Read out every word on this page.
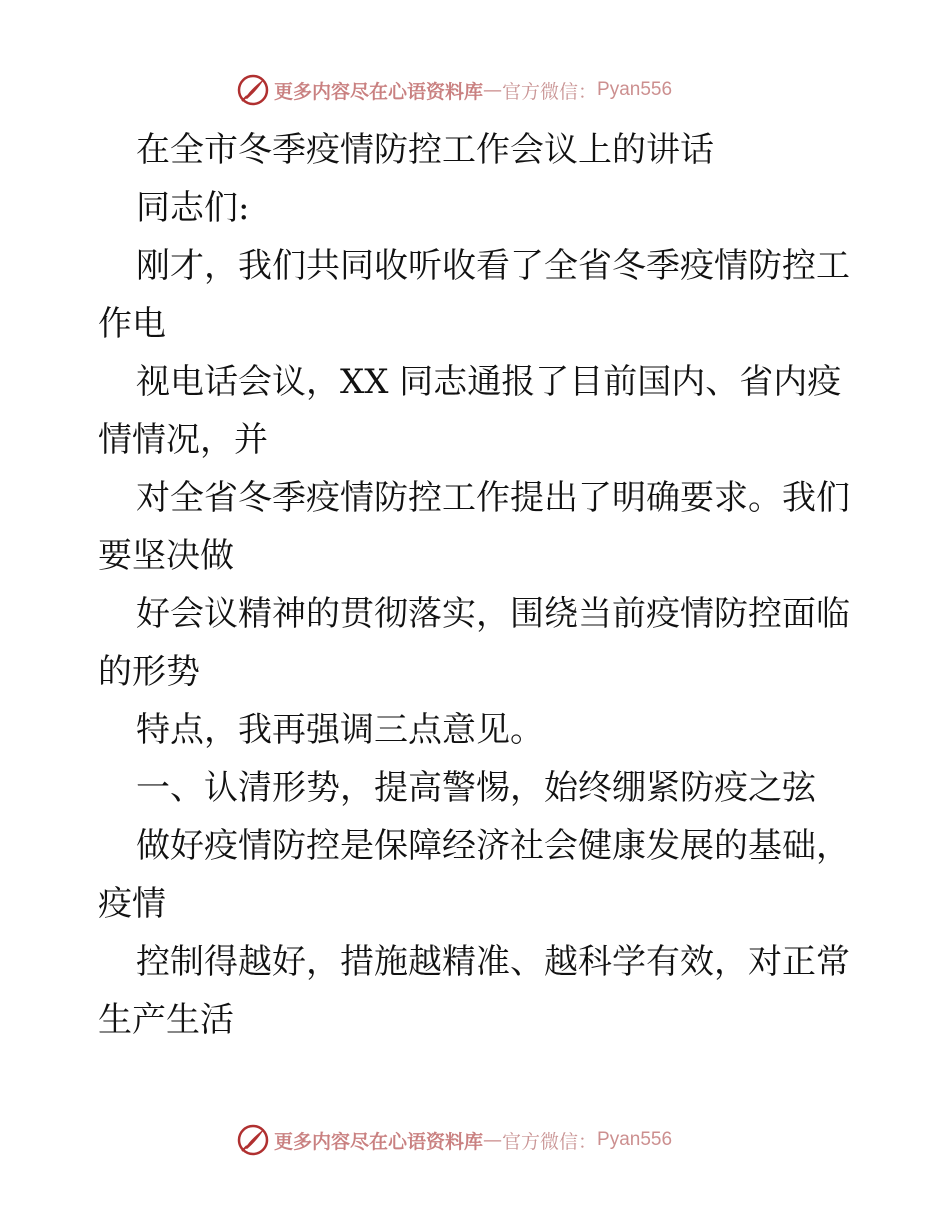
更多内容尽在心语资料库 — 官方微信： Pyan556
在全市冬季疫情防控工作会议上的讲话
同志们:
刚才，我们共同收听收看了全省冬季疫情防控工
作电
视电话会议，XX 同志通报了目前国内、省内疫
情情况，并
对全省冬季疫情防控工作提出了明确要求。我们
要坚决做
好会议精神的贯彻落实，围绕当前疫情防控面临
的形势
特点，我再强调三点意见。
一、认清形势，提高警惕，始终绷紧防疫之弦
做好疫情防控是保障经济社会健康发展的基础，
疫情
控制得越好，措施越精准、越科学有效，对正常
生产生活
更多内容尽在心语资料库 — 官方微信： Pyan556
